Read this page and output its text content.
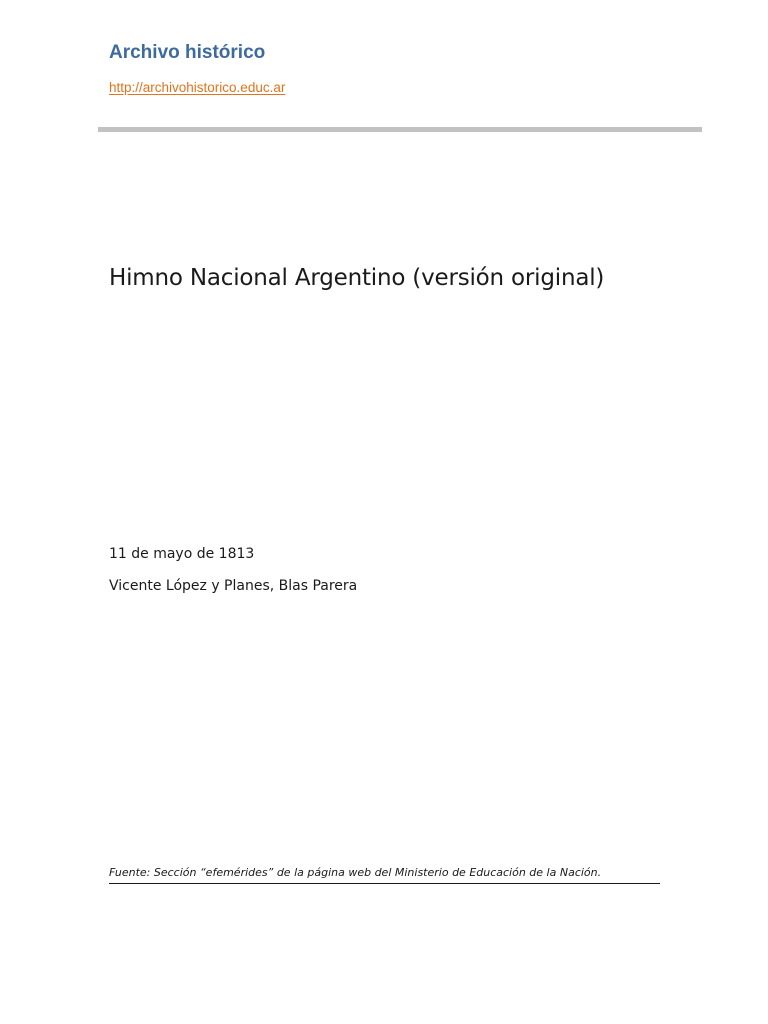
Archivo histórico
http://archivohistorico.educ.ar
Himno Nacional Argentino (versión original)
11 de mayo de 1813
Vicente López y Planes, Blas Parera
Fuente: Sección “efemérides” de la página web del Ministerio de Educación de la Nación.
